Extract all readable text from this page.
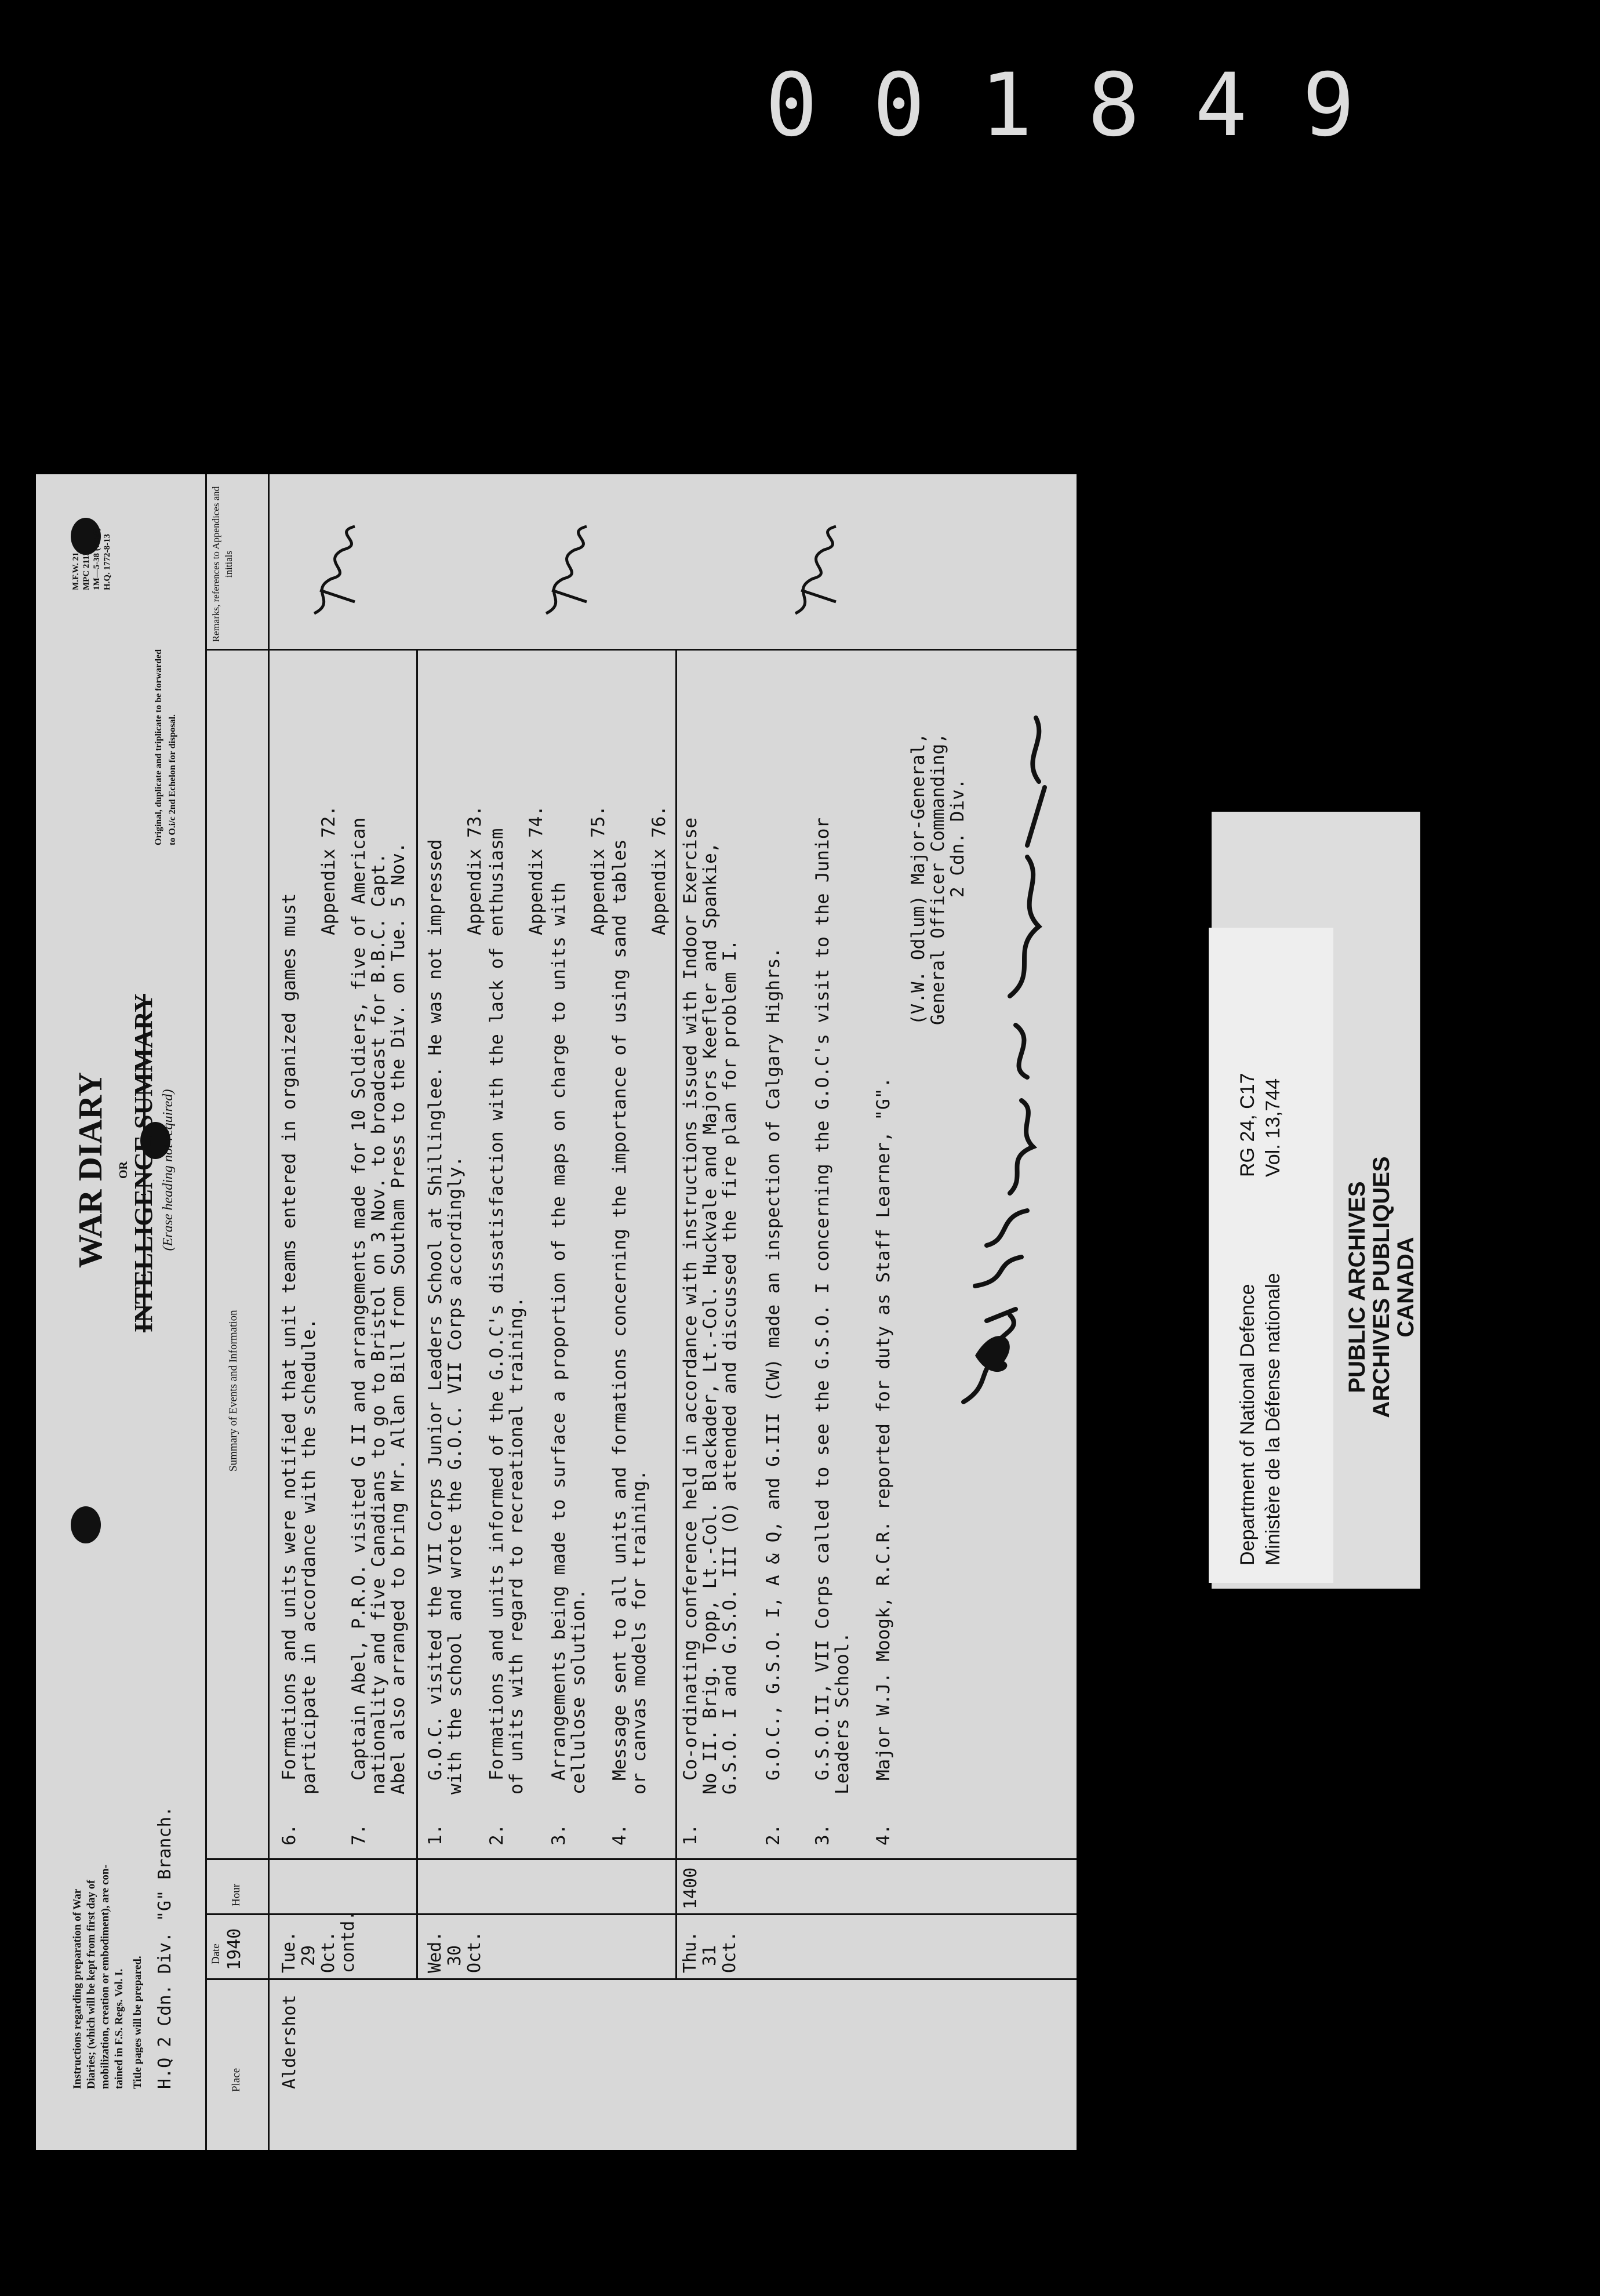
001849
Department of National Defence Ministère de la Défense nationale
RG 24, C17 Vol. 13,744
PUBLIC ARCHIVES
ARCHIVES PUBLIQUES
CANADA
Instructions regarding preparation of War Diaries; (which will be kept from first day of mobilization, creation or embodiment), are con- tained in F.S. Regs. Vol. I. Title pages will be prepared. H.Q 2 Cdn. Div. "G" Branch.
WAR DIARY OR INTELLIGENCE SUMMARY (Erase heading not required)
M.F.W. 21. MPC 2113 1M—5-38 (7758) H.Q. 1772-8-13
Original, duplicate and triplicate to be forwarded to O.i/c 2nd Echelon for disposal.
Place
Date 1940
Hour
Summary of Events and Information
Remarks, references to Appendices and initials
Aldershot
Tue. 29 Oct. contd.
6.    Formations and units were notified that unit teams entered in organized games must
participate in accordance with the schedule.
Appendix 72.
7.    Captain Abel, P.R.O. visited G II and arrangements made for 10 Soldiers, five of American
nationality and five Canadians to go to Bristol on 3 Nov. to broadcast for B.B.C. Capt.
Abel also arranged to bring Mr. Allan Bill from Southam Press to the Div. on Tue. 5 Nov.
Wed. 30 Oct.
1.    G.O.C. visited the VII Corps Junior Leaders School at Shillinglee. He was not impressed
with the school and wrote the G.O.C. VII Corps accordingly.
Appendix 73.
2.    Formations and units informed of the G.O.C's dissatisfaction with the lack of enthusiasm
of units with regard to recreational training.
Appendix 74.
3.    Arrangements being made to surface a proportion of the maps on charge to units with
cellulose solution.
Appendix 75.
4.    Message sent to all units and formations concerning the importance of using sand tables
or canvas models for training.
Appendix 76.
Thu. 31 Oct.
1400
1.    Co-ordinating conference held in accordance with instructions issued with Indoor Exercise
No II. Brig. Topp, Lt.-Col. Blackader, Lt.-Col. Huckvale and Majors Keefler and Spankie,
G.S.O. I and G.S.O. III (O) attended and discussed the fire plan for problem I.
2.    G.O.C., G.S.O. I, A & Q, and G.III (CW) made an inspection of Calgary Highrs.
3.    G.S.O.II, VII Corps called to see the G.S.O. I concerning the G.O.C's visit to the Junior
Leaders School.
4.    Major W.J. Moogk, R.C.R. reported for duty as Staff Learner, "G".
(V.W. Odlum) Major-General,
General Officer Commanding,
2 Cdn. Div.
